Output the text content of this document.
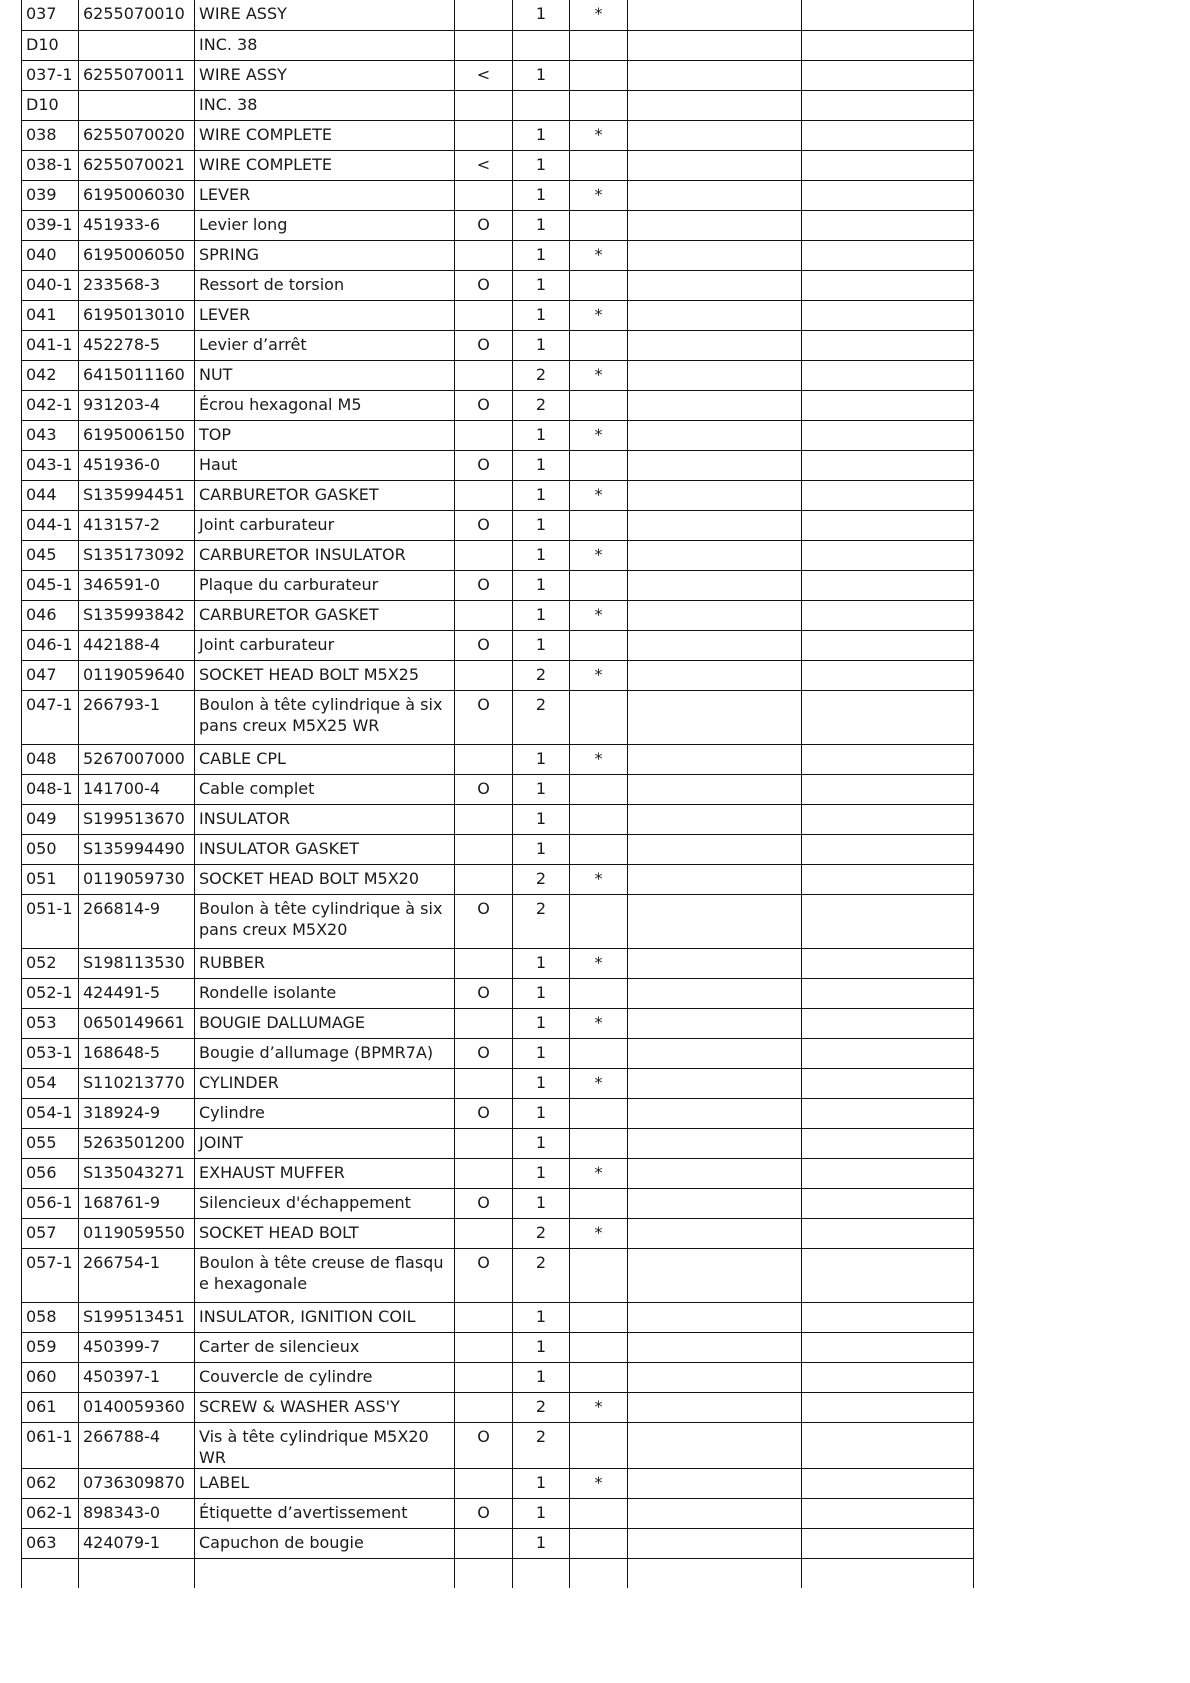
037	6255070010	WIRE ASSY		1	*		
D10		INC. 38					
037-1	6255070011	WIRE ASSY	<	1			
D10		INC. 38					
038	6255070020	WIRE COMPLETE		1	*		
038-1	6255070021	WIRE COMPLETE	<	1			
039	6195006030	LEVER		1	*		
039-1	451933-6	Levier long	O	1			
040	6195006050	SPRING		1	*		
040-1	233568-3	Ressort de torsion	O	1			
041	6195013010	LEVER		1	*		
041-1	452278-5	Levier d’arrêt	O	1			
042	6415011160	NUT		2	*		
042-1	931203-4	Écrou hexagonal M5	O	2			
043	6195006150	TOP		1	*		
043-1	451936-0	Haut	O	1			
044	S135994451	CARBURETOR GASKET		1	*		
044-1	413157-2	Joint carburateur	O	1			
045	S135173092	CARBURETOR INSULATOR		1	*		
045-1	346591-0	Plaque du carburateur	O	1			
046	S135993842	CARBURETOR GASKET		1	*		
046-1	442188-4	Joint carburateur	O	1			
047	0119059640	SOCKET HEAD BOLT M5X25		2	*		
047-1	266793-1	Boulon à tête cylindrique à six pans creux M5X25 WR	O	2			
048	5267007000	CABLE CPL		1	*		
048-1	141700-4	Cable complet	O	1			
049	S199513670	INSULATOR		1			
050	S135994490	INSULATOR GASKET		1			
051	0119059730	SOCKET HEAD BOLT M5X20		2	*		
051-1	266814-9	Boulon à tête cylindrique à six pans creux M5X20	O	2			
052	S198113530	RUBBER		1	*		
052-1	424491-5	Rondelle isolante	O	1			
053	0650149661	BOUGIE DALLUMAGE		1	*		
053-1	168648-5	Bougie d’allumage (BPMR7A)	O	1			
054	S110213770	CYLINDER		1	*		
054-1	318924-9	Cylindre	O	1			
055	5263501200	JOINT		1			
056	S135043271	EXHAUST MUFFER		1	*		
056-1	168761-9	Silencieux d'échappement	O	1			
057	0119059550	SOCKET HEAD BOLT		2	*		
057-1	266754-1	Boulon à tête creuse de flasque hexagonale	O	2			
058	S199513451	INSULATOR, IGNITION COIL		1			
059	450399-7	Carter de silencieux		1			
060	450397-1	Couvercle de cylindre		1			
061	0140059360	SCREW & WASHER ASS'Y		2	*		
061-1	266788-4	Vis à tête cylindrique M5X20 WR	O	2			
062	0736309870	LABEL		1	*		
062-1	898343-0	Étiquette d’avertissement	O	1			
063	424079-1	Capuchon de bougie		1			
